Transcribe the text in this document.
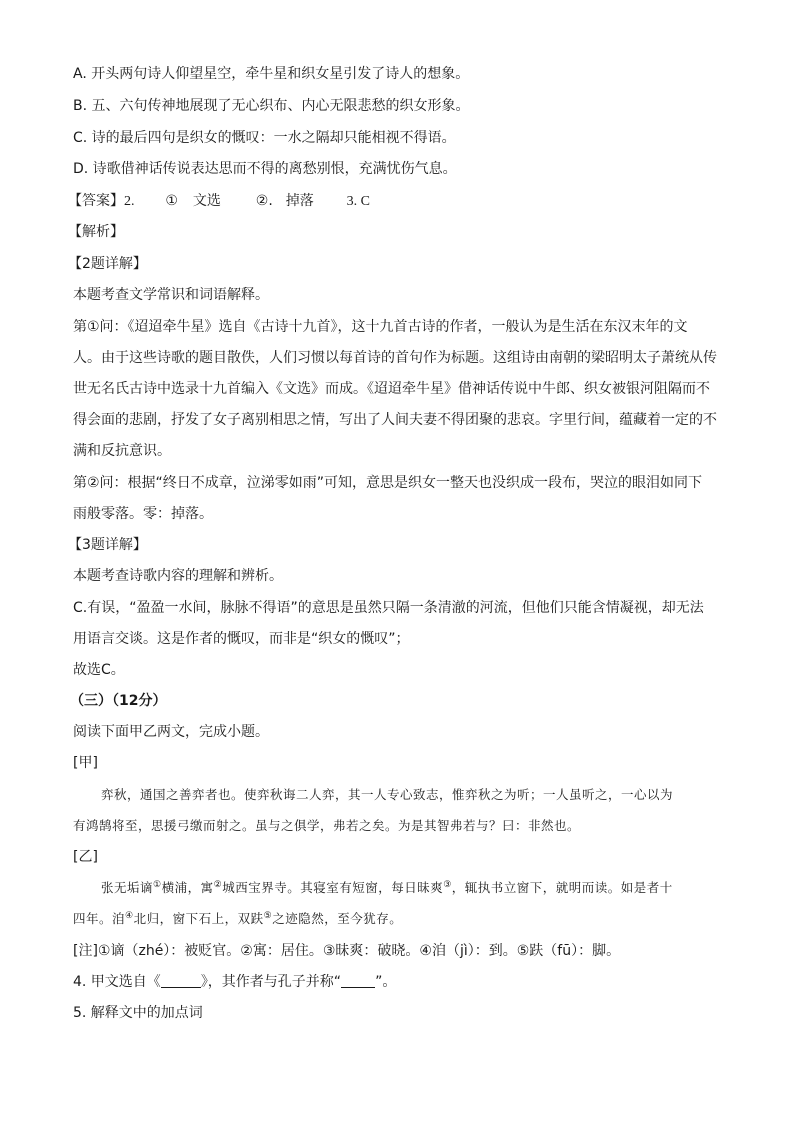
A. 开头两句诗人仰望星空，牵牛星和织女星引发了诗人的想象。
B. 五、六句传神地展现了无心织布、内心无限悲愁的织女形象。
C. 诗的最后四句是织女的慨叹：一水之隔却只能相视不得语。
D. 诗歌借神话传说表达思而不得的离愁别恨，充满忧伤气息。
【答案】2. ① 文选 ②. 掉落 3. C
【解析】
【2题详解】
本题考查文学常识和词语解释。
第①问：《迢迢牵牛星》选自《古诗十九首》，这十九首古诗的作者，一般认为是生活在东汉末年的文
人。由于这些诗歌的题目散佚，人们习惯以每首诗的首句作为标题。这组诗由南朝的梁昭明太子萧统从传
世无名氏古诗中选录十九首编入《文选》而成。《迢迢牵牛星》借神话传说中牛郎、织女被银河阻隔而不
得会面的悲剧，抒发了女子离别相思之情，写出了人间夫妻不得团聚的悲哀。字里行间，蕴藏着一定的不
满和反抗意识。
第②问：根据“终日不成章，泣涕零如雨”可知，意思是织女一整天也没织成一段布，哭泣的眼泪如同下
雨般零落。零：掉落。
【3题详解】
本题考查诗歌内容的理解和辨析。
C.有误，“盈盈一水间，脉脉不得语”的意思是虽然只隔一条清澈的河流，但他们只能含情凝视，却无法
用语言交谈。这是作者的慨叹，而非是“织女的慨叹”；
故选C。
（三）（12分）
阅读下面甲乙两文，完成小题。
[甲]
弈秋，通国之善弈者也。使弈秋诲二人弈，其一人专心致志，惟弈秋之为听；一人虽听之，一心以为
有鸿鹄将至，思援弓缴而射之。虽与之俱学，弗若之矣。为是其智弗若与？曰：非然也。
[乙]
张无垢谪①横浦，寓②城西宝界寺。其寝室有短窗，每日昧爽③，辄执书立窗下，就明而读。如是者十
四年。洎④北归，窗下石上，双趺⑤之迹隐然，至今犹存。
[注]①谪（zhé）：被贬官。②寓：居住。③昧爽：破晓。④洎（jì）：到。⑤趺（fū）：脚。
4. 甲文选自《	》，其作者与孔子并称“ ”。
5. 解释文中的加点词
